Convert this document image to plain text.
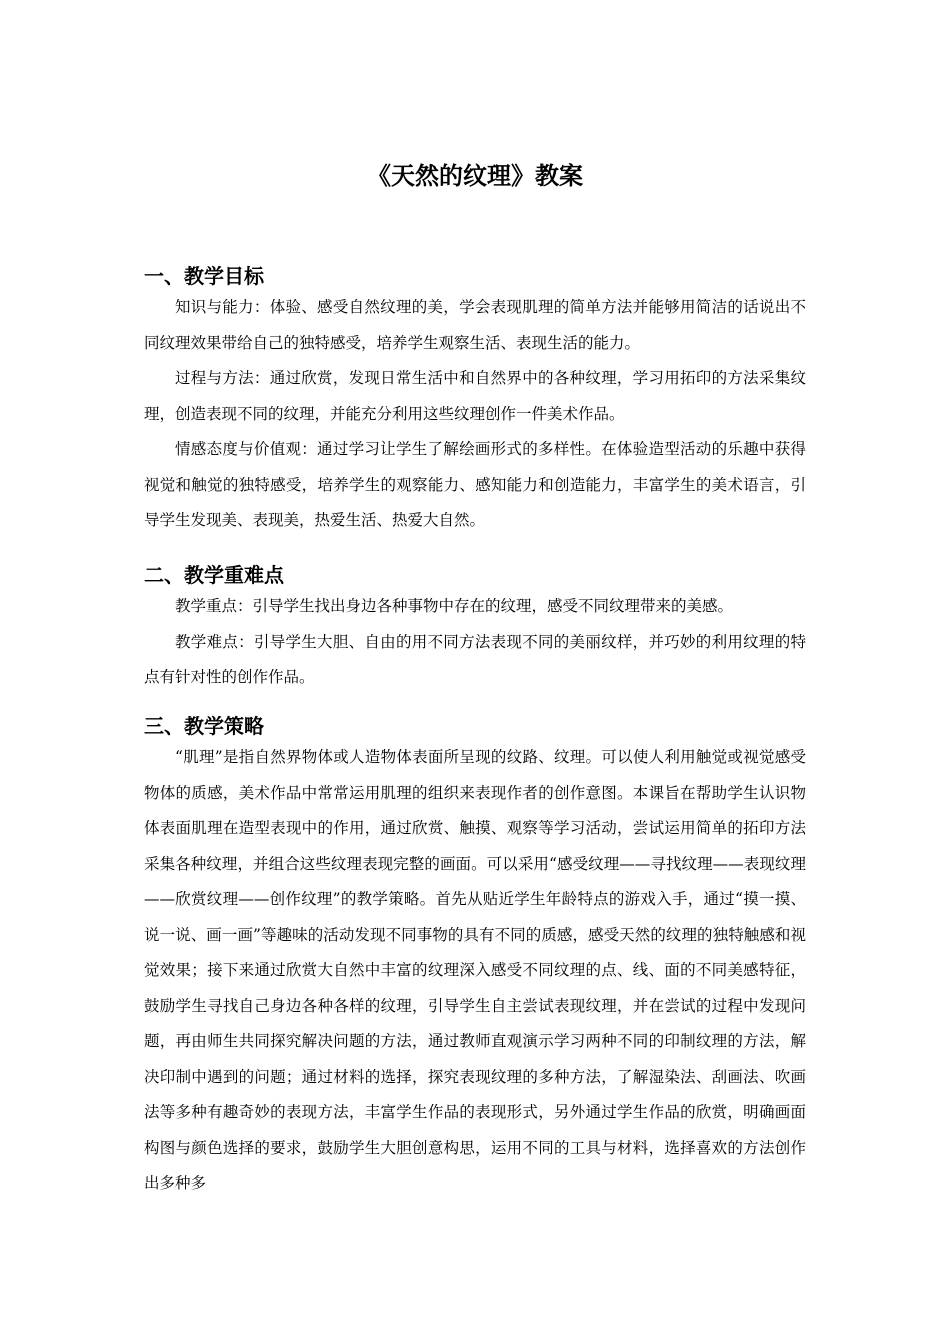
《天然的纹理》教案
一、教学目标

知识与能力：体验、感受自然纹理的美，学会表现肌理的简单方法并能够用简洁的话说出不同纹理效果带给自己的独特感受，培养学生观察生活、表现生活的能力。

过程与方法：通过欣赏，发现日常生活中和自然界中的各种纹理，学习用拓印的方法采集纹理，创造表现不同的纹理，并能充分利用这些纹理创作一件美术作品。

情感态度与价值观：通过学习让学生了解绘画形式的多样性。在体验造型活动的乐趣中获得视觉和触觉的独特感受，培养学生的观察能力、感知能力和创造能力，丰富学生的美术语言，引导学生发现美、表现美，热爱生活、热爱大自然。

二、教学重难点

教学重点：引导学生找出身边各种事物中存在的纹理，感受不同纹理带来的美感。

教学难点：引导学生大胆、自由的用不同方法表现不同的美丽纹样，并巧妙的利用纹理的特点有针对性的创作作品。

三、教学策略

“肌理”是指自然界物体或人造物体表面所呈现的纹路、纹理。可以使人利用触觉或视觉感受物体的质感，美术作品中常常运用肌理的组织来表现作者的创作意图。本课旨在帮助学生认识物体表面肌理在造型表现中的作用，通过欣赏、触摸、观察等学习活动，尝试运用简单的拓印方法采集各种纹理，并组合这些纹理表现完整的画面。可以采用“感受纹理——寻找纹理——表现纹理——欣赏纹理——创作纹理”的教学策略。首先从贴近学生年龄特点的游戏入手，通过“摸一摸、说一说、画一画”等趣味的活动发现不同事物的具有不同的质感，感受天然的纹理的独特触感和视觉效果；接下来通过欣赏大自然中丰富的纹理深入感受不同纹理的点、线、面的不同美感特征，鼓励学生寻找自己身边各种各样的纹理，引导学生自主尝试表现纹理，并在尝试的过程中发现问题，再由师生共同探究解决问题的方法，通过教师直观演示学习两种不同的印制纹理的方法，解决印制中遇到的问题；通过材料的选择，探究表现纹理的多种方法，了解湿染法、刮画法、吹画法等多种有趣奇妙的表现方法，丰富学生作品的表现形式，另外通过学生作品的欣赏，明确画面构图与颜色选择的要求，鼓励学生大胆创意构思，运用不同的工具与材料，选择喜欢的方法创作出多种多
